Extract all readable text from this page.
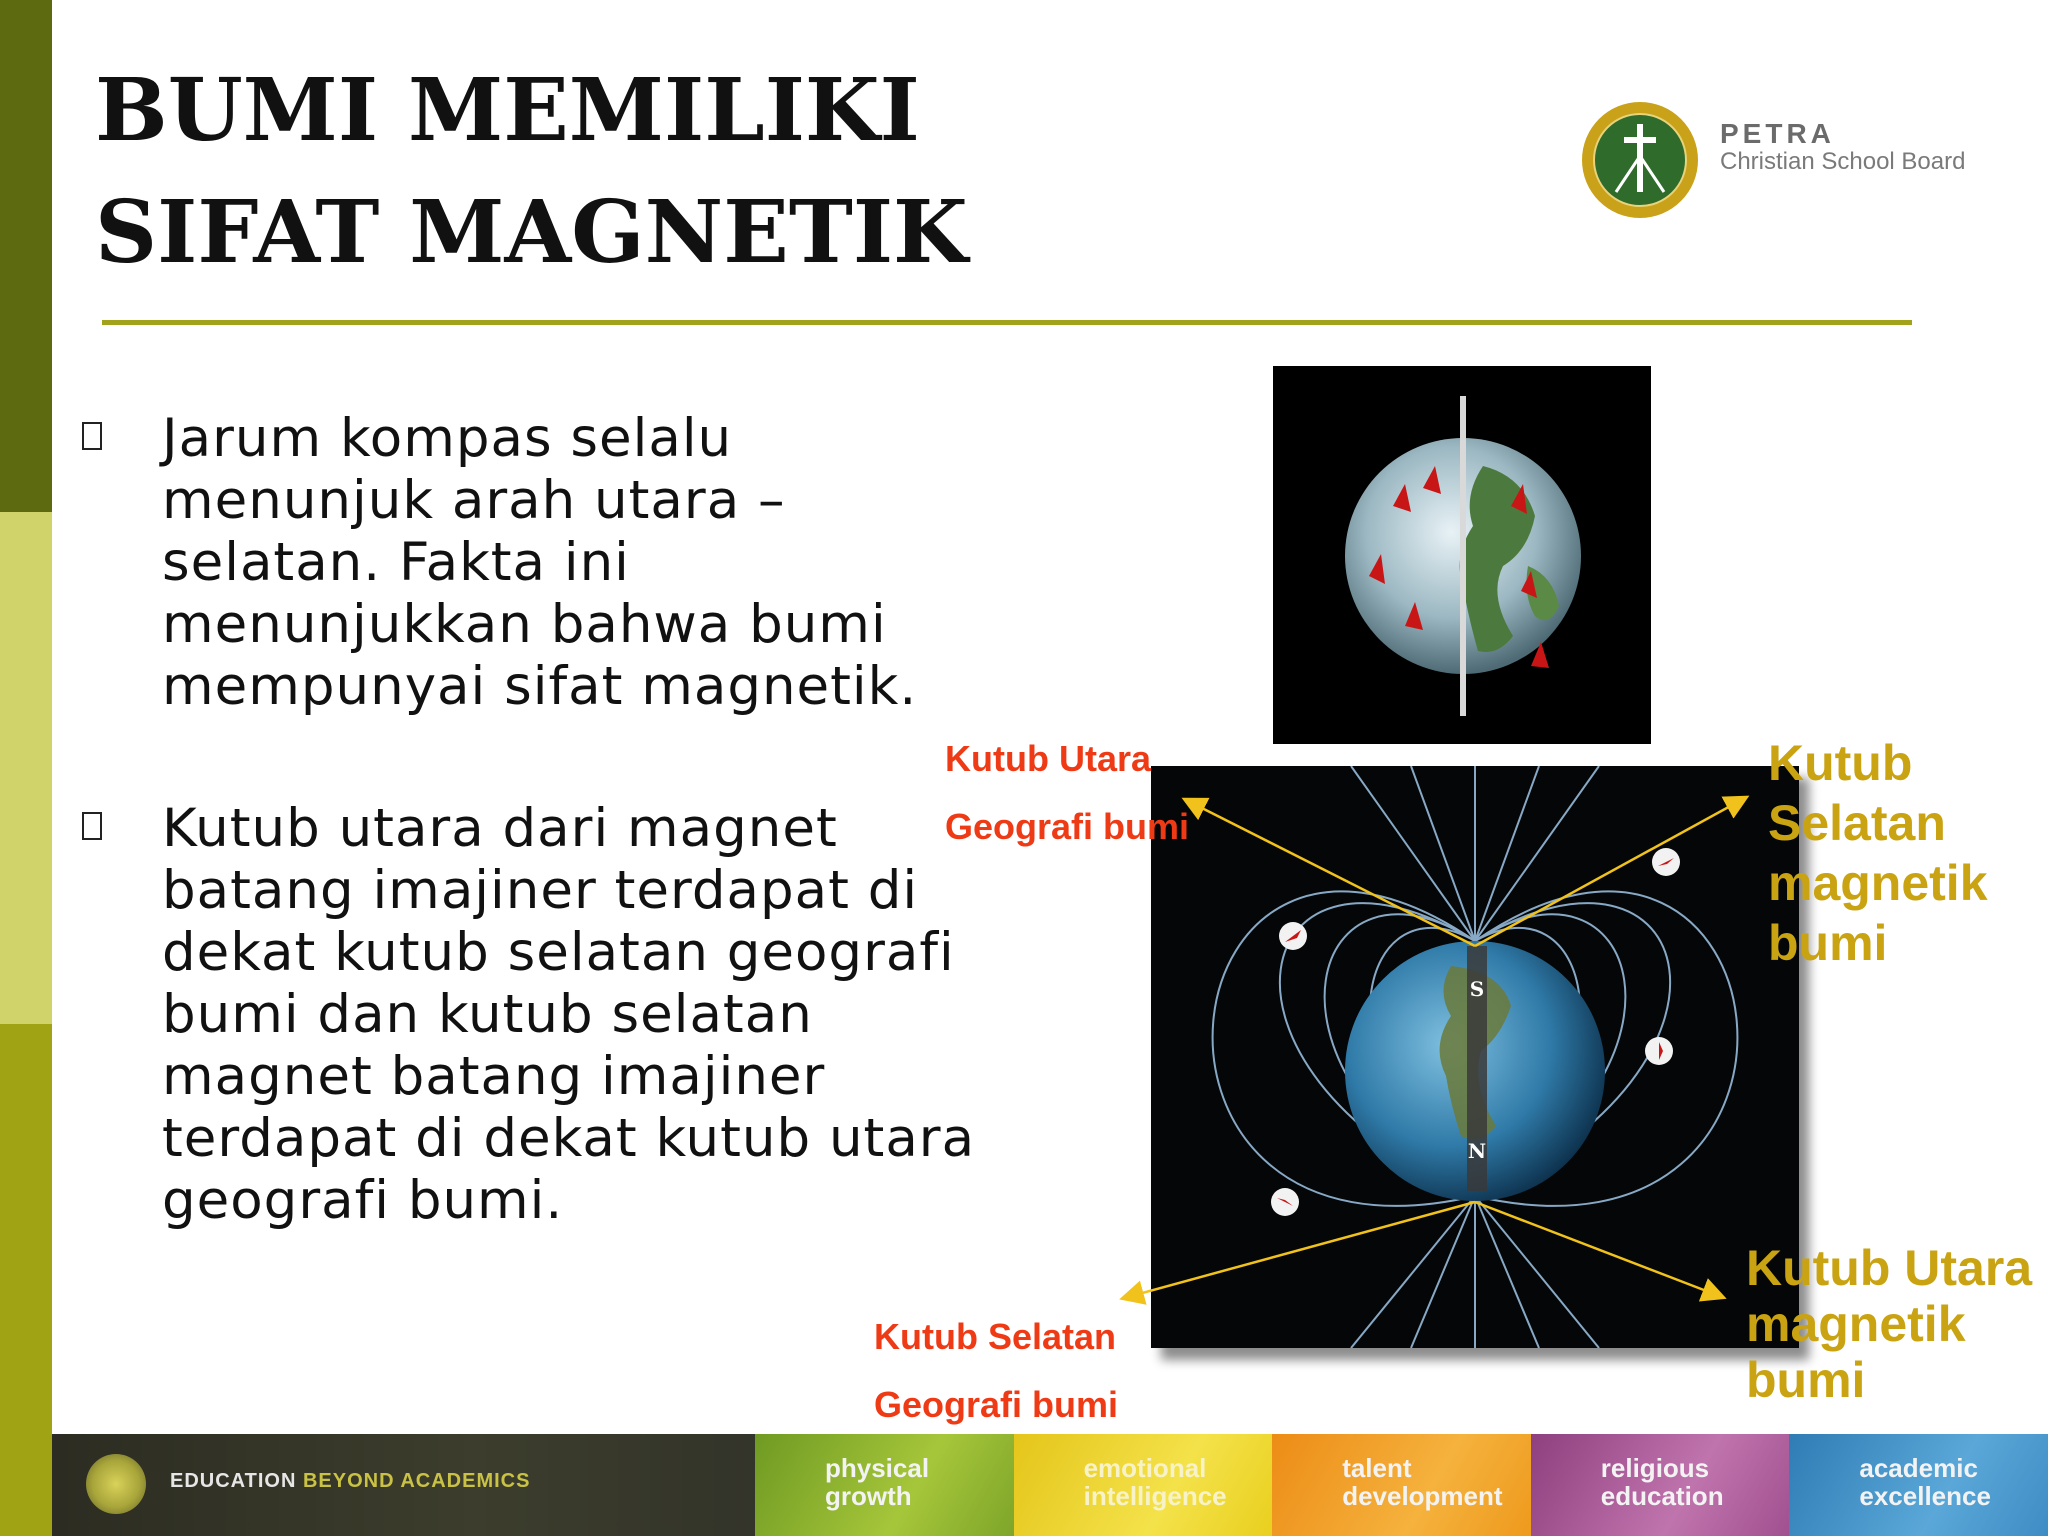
BUMI MEMILIKI
SIFAT MAGNETIK
PETRA
Christian School Board
Jarum kompas selalu menunjuk arah utara – selatan. Fakta ini menunjukkan bahwa bumi mempunyai sifat magnetik.
Kutub utara dari magnet batang imajiner terdapat di dekat kutub selatan geografi bumi dan kutub selatan magnet batang imajiner terdapat di dekat kutub utara geografi bumi.
S
N
Kutub Utara
Geografi bumi
Kutub
Selatan
magnetik
bumi
Kutub Selatan
Geografi bumi
Kutub Utara
magnetik
bumi
EDUCATION BEYOND ACADEMICS	physical
growth
emotional
intelligence
talent
development
religious
education
academic
excellence
